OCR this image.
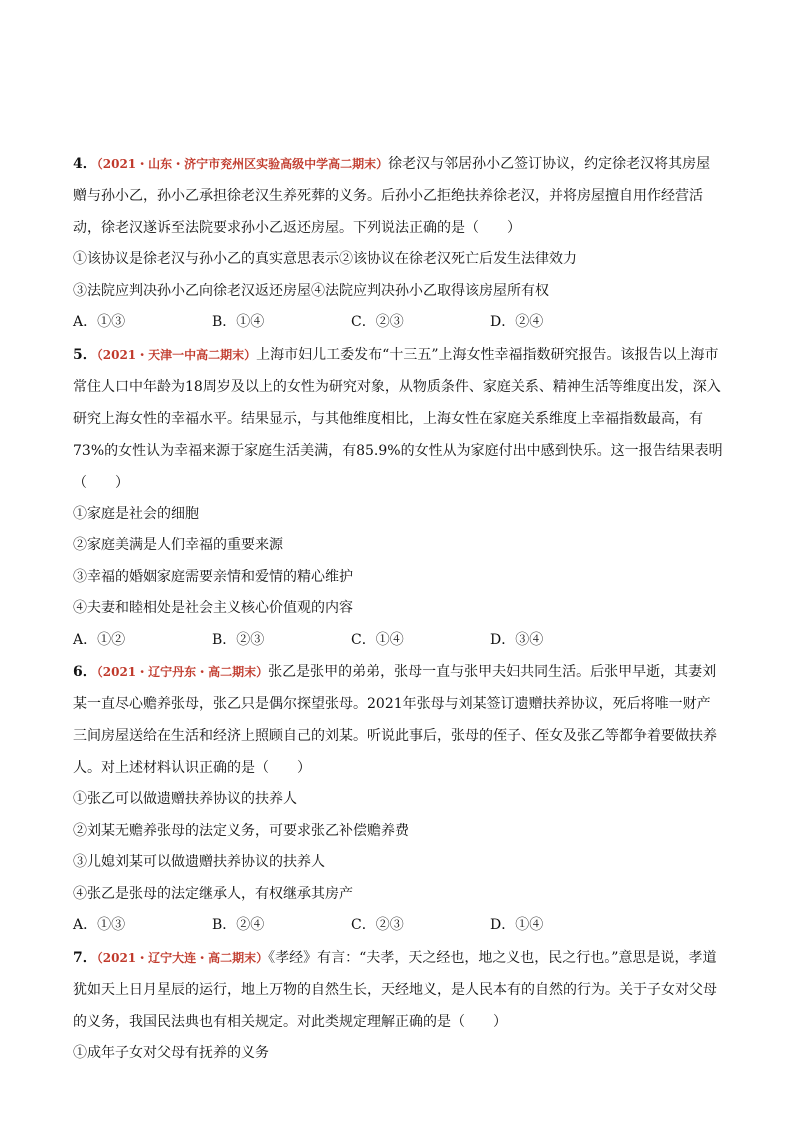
4．（2021・山东・济宁市兖州区实验高级中学高二期末）徐老汉与邻居孙小乙签订协议，约定徐老汉将其房屋赠与孙小乙，孙小乙承担徐老汉生养死葬的义务。后孙小乙拒绝扶养徐老汉，并将房屋擅自用作经营活动，徐老汉遂诉至法院要求孙小乙返还房屋。下列说法正确的是（　　）

①该协议是徐老汉与孙小乙的真实意思表示②该协议在徐老汉死亡后发生法律效力

③法院应判决孙小乙向徐老汉返还房屋④法院应判决孙小乙取得该房屋所有权

A．①③	B．①④	C．②③	D．②④

5．（2021・天津一中高二期末）上海市妇儿工委发布“十三五”上海女性幸福指数研究报告。该报告以上海市常住人口中年龄为18周岁及以上的女性为研究对象，从物质条件、家庭关系、精神生活等维度出发，深入研究上海女性的幸福水平。结果显示，与其他维度相比，上海女性在家庭关系维度上幸福指数最高，有73%的女性认为幸福来源于家庭生活美满，有85.9%的女性从为家庭付出中感到快乐。这一报告结果表明（　　）

①家庭是社会的细胞

②家庭美满是人们幸福的重要来源

③幸福的婚姻家庭需要亲情和爱情的精心维护

④夫妻和睦相处是社会主义核心价值观的内容

A．①②	B．②③	C．①④	D．③④

6．（2021・辽宁丹东・高二期末）张乙是张甲的弟弟，张母一直与张甲夫妇共同生活。后张甲早逝，其妻刘某一直尽心赡养张母，张乙只是偶尔探望张母。2021年张母与刘某签订遗赠扶养协议，死后将唯一财产三间房屋送给在生活和经济上照顾自己的刘某。听说此事后，张母的侄子、侄女及张乙等都争着要做扶养人。对上述材料认识正确的是（　　）

①张乙可以做遗赠扶养协议的扶养人

②刘某无赡养张母的法定义务，可要求张乙补偿赡养费

③儿媳刘某可以做遗赠扶养协议的扶养人

④张乙是张母的法定继承人，有权继承其房产

A．①③	B．②④	C．②③	D．①④

7．（2021・辽宁大连・高二期末）《孝经》有言：“夫孝，天之经也，地之义也，民之行也。”意思是说，孝道犹如天上日月星辰的运行，地上万物的自然生长，天经地义，是人民本有的自然的行为。关于子女对父母的义务，我国民法典也有相关规定。对此类规定理解正确的是（　　）

①成年子女对父母有抚养的义务
